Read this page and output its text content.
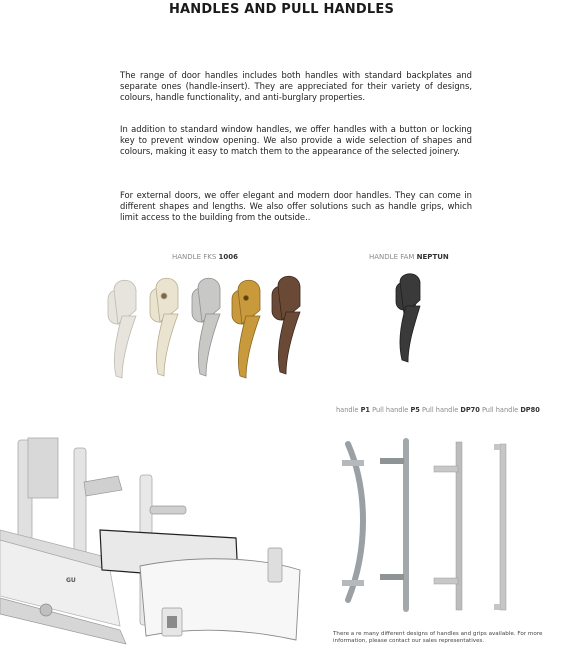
HANDLES AND PULL HANDLES
The range of door handles includes both handles with standard backplates and separate ones (handle-insert). They are appreciated for their variety of designs, colours, handle functionality, and anti-burglary properties.
In addition to standard window handles, we offer handles with a button or locking key to prevent window opening. We also provide a wide selection of shapes and colours, making it easy to match them to the appearance of the selected joinery.
For external doors, we offer elegant and modern door handles. They can come in different shapes and lengths. We also offer solutions such as handle grips, which limit access to the building from the outside..
HANDLE FKS 1006	HANDLE FAM NEPTUN
handle P1 Pull handle P5 Pull handle DP70 Pull handle DP80
GU
There a re many different designs of handles and grips available. For more information, please contact our sales representatives.
